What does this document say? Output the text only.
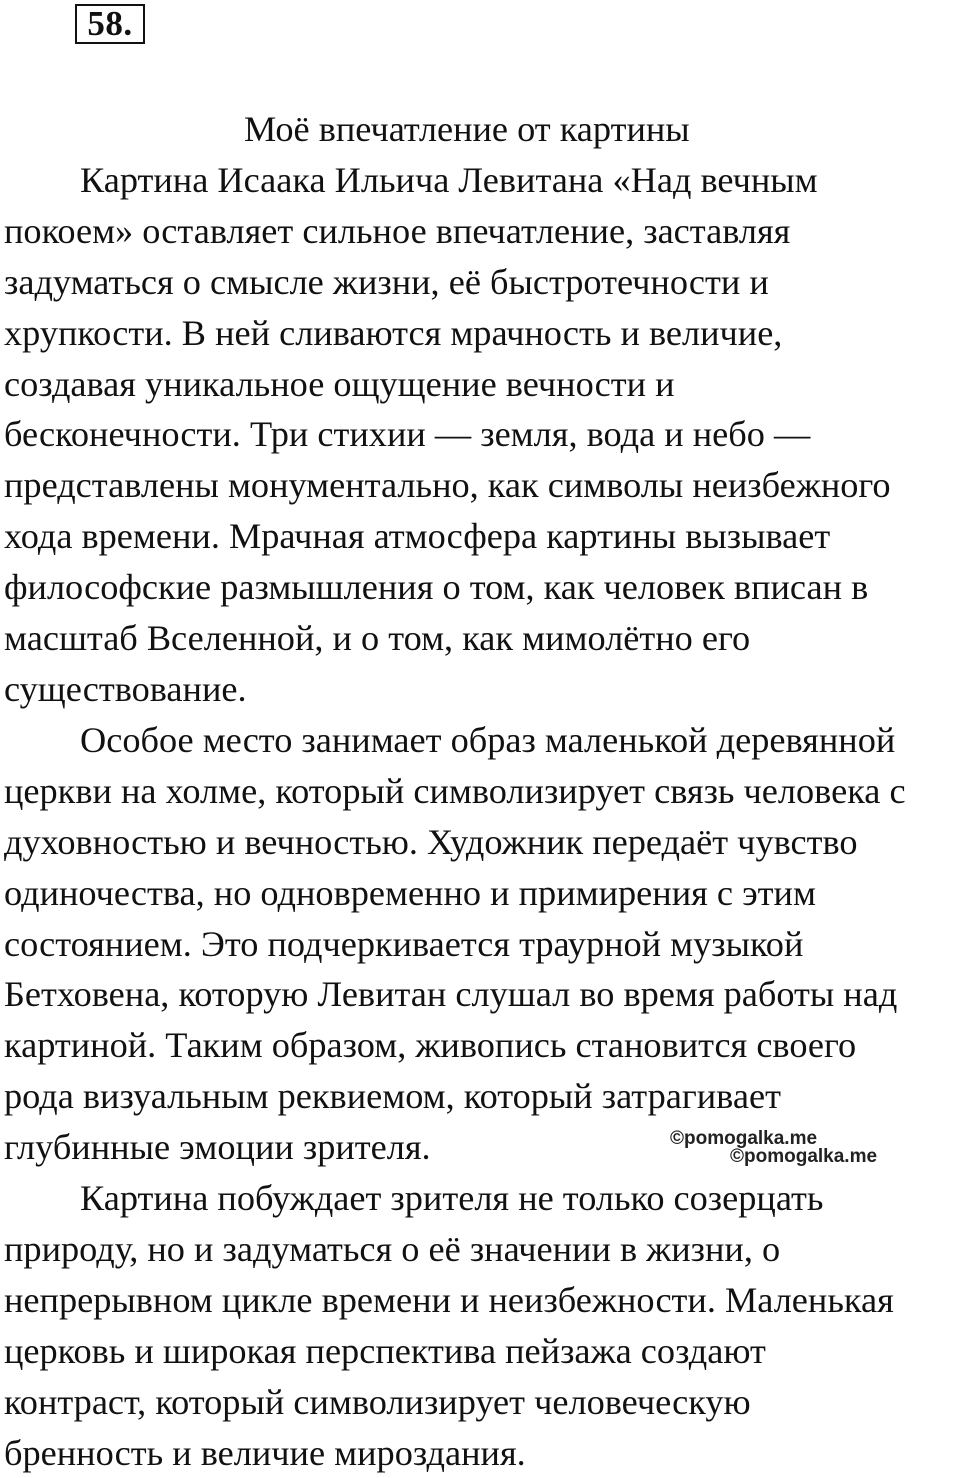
58.
Моё впечатление от картины
Картина Исаака Ильича Левитана «Над вечным
покоем» оставляет сильное впечатление, заставляя
задуматься о смысле жизни, её быстротечности и
хрупкости. В ней сливаются мрачность и величие,
создавая уникальное ощущение вечности и
бесконечности. Три стихии — земля, вода и небо —
представлены монументально, как символы неизбежного
хода времени. Мрачная атмосфера картины вызывает
философские размышления о том, как человек вписан в
масштаб Вселенной, и о том, как мимолётно его
существование.
Особое место занимает образ маленькой деревянной
церкви на холме, который символизирует связь человека с
духовностью и вечностью. Художник передаёт чувство
одиночества, но одновременно и примирения с этим
состоянием. Это подчеркивается траурной музыкой
Бетховена, которую Левитан слушал во время работы над
картиной. Таким образом, живопись становится своего
рода визуальным реквиемом, который затрагивает
глубинные эмоции зрителя.
Картина побуждает зрителя не только созерцать
природу, но и задуматься о её значении в жизни, о
непрерывном цикле времени и неизбежности. Маленькая
церковь и широкая перспектива пейзажа создают
контраст, который символизирует человеческую
бренность и величие мироздания.
©pomogalka.me
©pomogalka.me
